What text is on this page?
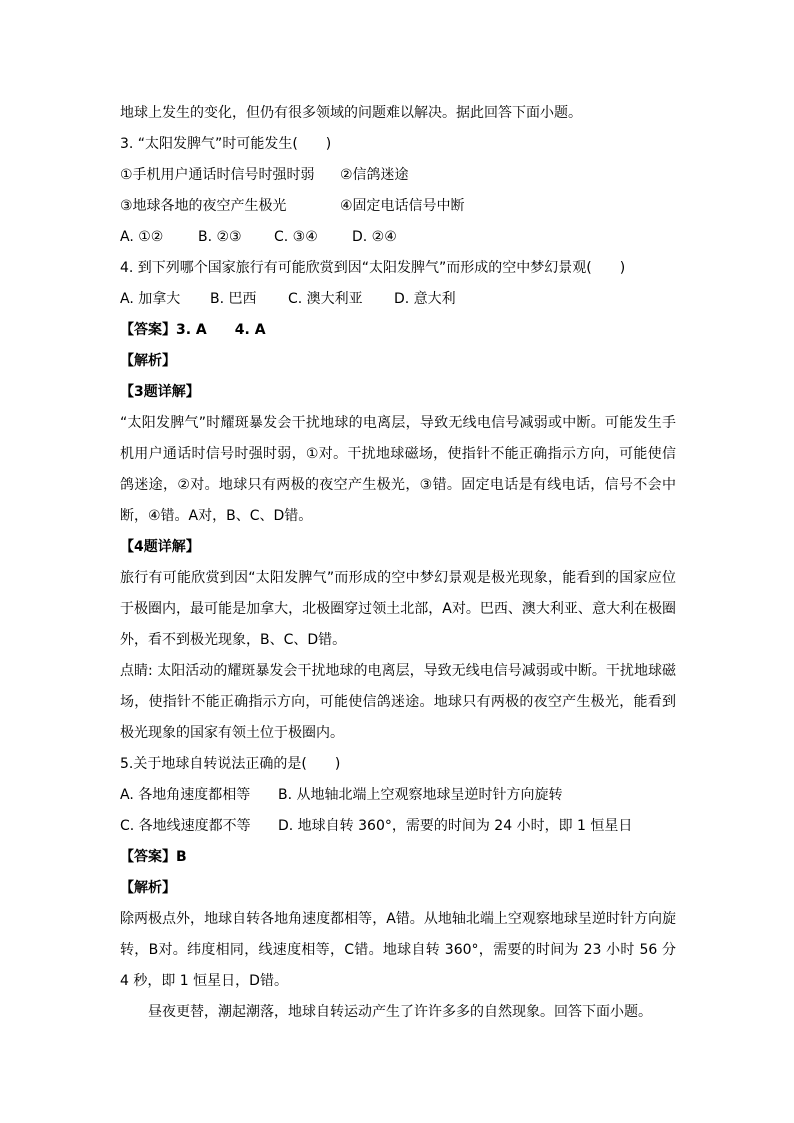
地球上发生的变化，但仍有很多领域的问题难以解决。据此回答下面小题。
3. “太阳发脾气”时可能发生(　　)
①手机用户通话时信号时强时弱 ②信鸽迷途
③地球各地的夜空产生极光	④固定电话信号中断
A. ①② B. ②③ C. ③④ D. ②④
4. 到下列哪个国家旅行有可能欣赏到因“太阳发脾气”而形成的空中梦幻景观(　　)
A. 加拿大 B. 巴西 C. 澳大利亚 D. 意大利
【答案】3. A　　4. A
【解析】
【3题详解】
“太阳发脾气”时耀斑暴发会干扰地球的电离层，导致无线电信号减弱或中断。可能发生手机用户通话时信号时强时弱，①对。干扰地球磁场，使指针不能正确指示方向，可能使信鸽迷途，②对。地球只有两极的夜空产生极光，③错。固定电话是有线电话，信号不会中断，④错。A对，B、C、D错。
【4题详解】
旅行有可能欣赏到因“太阳发脾气”而形成的空中梦幻景观是极光现象，能看到的国家应位于极圈内，最可能是加拿大，北极圈穿过领土北部，A对。巴西、澳大利亚、意大利在极圈外，看不到极光现象，B、C、D错。
点睛: 太阳活动的耀斑暴发会干扰地球的电离层，导致无线电信号减弱或中断。干扰地球磁场，使指针不能正确指示方向，可能使信鸽迷途。地球只有两极的夜空产生极光，能看到极光现象的国家有领土位于极圈内。
5.关于地球自转说法正确的是(　　)
A. 各地角速度都相等 B. 从地轴北端上空观察地球呈逆时针方向旋转
C. 各地线速度都不等 D. 地球自转 360°，需要的时间为 24 小时，即 1 恒星日
【答案】B
【解析】
除两极点外，地球自转各地角速度都相等，A错。从地轴北端上空观察地球呈逆时针方向旋转，B对。纬度相同，线速度相等，C错。地球自转 360°，需要的时间为 23 小时 56 分 4 秒，即 1 恒星日，D错。
昼夜更替，潮起潮落，地球自转运动产生了许许多多的自然现象。回答下面小题。
